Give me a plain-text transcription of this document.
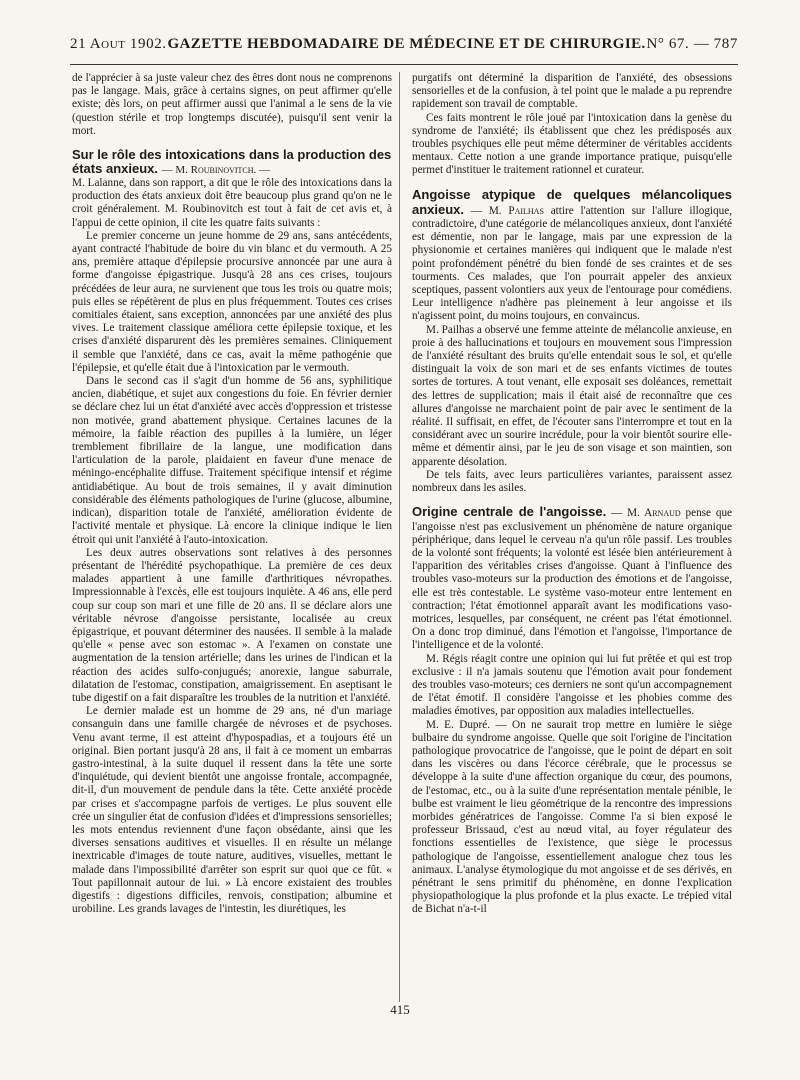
21 Aout 1902. GAZETTE HEBDOMADAIRE DE MÉDECINE ET DE CHIRURGIE. N° 67. — 787

de l'apprécier à sa juste valeur chez des êtres dont nous ne comprenons pas le langage. Mais, grâce à certains signes, on peut affirmer qu'elle existe; dès lors, on peut affirmer aussi que l'animal a le sens de la vie (question stérile et trop longtemps discutée), puisqu'il sent venir la mort.

Sur le rôle des intoxications dans la production des états anxieux. — M. Roubinovitch. —

M. Lalanne, dans son rapport, a dit que le rôle des intoxications dans la production des états anxieux doit être beaucoup plus grand qu'on ne le croit généralement. M. Roubinovitch est tout à fait de cet avis et, à l'appui de cette opinion, il cite les quatre faits suivants :

Le premier concerne un jeune homme de 29 ans, sans antécédents, ayant contracté l'habitude de boire du vin blanc et du vermouth. A 25 ans, première attaque d'épilepsie procursive annoncée par une aura à forme d'angoisse épigastrique. Jusqu'à 28 ans ces crises, toujours précédées de leur aura, ne survienent que tous les trois ou quatre mois; puis elles se répétèrent de plus en plus fréquemment. Toutes ces crises comitiales étaient, sans exception, annoncées par une anxiété des plus vives. Le traitement classique améliora cette épilepsie toxique, et les crises d'anxiété disparurent dès les premières semaines. Cliniquement il semble que l'anxiété, dans ce cas, avait la même pathogénie que l'épilepsie, et qu'elle était due à l'intoxication par le vermouth.

Dans le second cas il s'agit d'un homme de 56 ans, syphilitique ancien, diabétique, et sujet aux congestions du foie. En février dernier se déclare chez lui un état d'anxiété avec accès d'oppression et tristesse non motivée, grand abattement physique. Certaines lacunes de la mémoire, la faible réaction des pupilles à la lumière, un léger tremblement fibrillaire de la langue, une modification dans l'articulation de la parole, plaidaient en faveur d'une menace de méningo-encéphalite diffuse. Traitement spécifique intensif et régime antidiabétique. Au bout de trois semaines, il y avait diminution considérable des éléments pathologiques de l'urine (glucose, albumine, indican), disparition totale de l'anxiété, amélioration évidente de l'activité mentale et physique. Là encore la clinique indique le lien étroit qui unit l'anxiété à l'auto-intoxication.

Les deux autres observations sont relatives à des personnes présentant de l'hérédité psychopathique. La première de ces deux malades appartient à une famille d'arthritiques névropathes. Impressionnable à l'excès, elle est toujours inquiète. A 46 ans, elle perd coup sur coup son mari et une fille de 20 ans. Il se déclare alors une véritable névrose d'angoisse persistante, localisée au creux épigastrique, et pouvant déterminer des nausées. Il semble à la malade qu'elle « pense avec son estomac ». A l'examen on constate une augmentation de la tension artérielle; dans les urines de l'indican et la réaction des acides sulfo-conjugués; anorexie, langue saburrale, dilatation de l'estomac, constipation, amaigrissement. En aseptisant le tube digestif on a fait disparaître les troubles de la nutrition et l'anxiété.

Le dernier malade est un homme de 29 ans, né d'un mariage consanguin dans une famille chargée de névroses et de psychoses. Venu avant terme, il est atteint d'hypospadias, et a toujours été un original. Bien portant jusqu'à 28 ans, il fait à ce moment un embarras gastro-intestinal, à la suite duquel il ressent dans la tête une sorte d'inquiétude, qui devient bientôt une angoisse frontale, accompagnée, dit-il, d'un mouvement de pendule dans la tête. Cette anxiété procède par crises et s'accompagne parfois de vertiges. Le plus souvent elle crée un singulier état de confusion d'idées et d'impressions sensorielles; les mots entendus reviennent d'une façon obsédante, ainsi que les diverses sensations auditives et visuelles. Il en résulte un mélange inextricable d'images de toute nature, auditives, visuelles, mettant le malade dans l'impossibilité d'arrêter son esprit sur quoi que ce fût. « Tout papillonnait autour de lui. » Là encore existaient des troubles digestifs : digestions difficiles, renvois, constipation; albumine et urobiline. Les grands lavages de l'intestin, les diurétiques, les

purgatifs ont déterminé la disparition de l'anxiété, des obsessions sensorielles et de la confusion, à tel point que le malade a pu reprendre rapidement son travail de comptable.

Ces faits montrent le rôle joué par l'intoxication dans la genèse du syndrome de l'anxiété; ils établissent que chez les prédisposés aux troubles psychiques elle peut même déterminer de véritables accidents mentaux. Cette notion a une grande importance pratique, puisqu'elle permet d'instituer le traitement rationnel et curateur.

Angoisse atypique de quelques mélancoliques anxieux. — M. Pailhas attire l'attention sur l'allure illogique, contradictoire, d'une catégorie de mélancoliques anxieux, dont l'anxiété est démentie, non par le langage, mais par une expression de la physionomie et certaines manières qui indiquent que le malade n'est point profondément pénétré du bien fondé de ses craintes et de ses tourments. Ces malades, que l'on pourrait appeler des anxieux sceptiques, passent volontiers aux yeux de l'entourage pour comédiens. Leur intelligence n'adhère pas pleinement à leur angoisse et ils n'agissent point, du moins toujours, en convaincus.

M. Pailhas a observé une femme atteinte de mélancolie anxieuse, en proie à des hallucinations et toujours en mouvement sous l'impression de l'anxiété résultant des bruits qu'elle entendait sous le sol, et qu'elle distinguait la voix de son mari et de ses enfants victimes de toutes sortes de tortures. A tout venant, elle exposait ses doléances, remettait des lettres de supplication; mais il était aisé de reconnaître que ces allures d'angoisse ne marchaient point de pair avec le sentiment de la réalité. Il suffisait, en effet, de l'écouter sans l'interrompre et tout en la considérant avec un sourire incrédule, pour la voir bientôt sourire elle-même et démentir ainsi, par le jeu de son visage et son maintien, son apparente désolation.

De tels faits, avec leurs particulières variantes, paraissent assez nombreux dans les asiles.

Origine centrale de l'angoisse. — M. Arnaud pense que l'angoisse n'est pas exclusivement un phénomène de nature organique périphérique, dans lequel le cerveau n'a qu'un rôle passif. Les troubles de la volonté sont fréquents; la volonté est lésée bien antérieurement à l'apparition des véritables crises d'angoisse. Quant à l'influence des troubles vaso-moteurs sur la production des émotions et de l'angoisse, elle est très contestable. Le système vaso-moteur entre lentement en contraction; l'état émotionnel apparaît avant les modifications vaso-motrices, lesquelles, par conséquent, ne créent pas l'état émotionnel. On a donc trop diminué, dans l'émotion et l'angoisse, l'importance de l'intelligence et de la volonté.

M. Régis réagit contre une opinion qui lui fut prêtée et qui est trop exclusive : il n'a jamais soutenu que l'émotion avait pour fondement des troubles vaso-moteurs; ces derniers ne sont qu'un accompagnement de l'état émotif. Il considère l'angoisse et les phobies comme des maladies émotives, par opposition aux maladies intellectuelles.

M. E. Dupré. — On ne saurait trop mettre en lumière le siège bulbaire du syndrome angoisse. Quelle que soit l'origine de l'incitation pathologique provocatrice de l'angoisse, que le point de départ en soit dans les viscères ou dans l'écorce cérébrale, que le processus se développe à la suite d'une affection organique du cœur, des poumons, de l'estomac, etc., ou à la suite d'une représentation mentale pénible, le bulbe est vraiment le lieu géométrique de la rencontre des impressions morbides génératrices de l'angoisse. Comme l'a si bien exposé le professeur Brissaud, c'est au nœud vital, au foyer régulateur des fonctions essentielles de l'existence, que siège le processus pathologique de l'angoisse, essentiellement analogue chez tous les animaux. L'analyse étymologique du mot angoisse et de ses dérivés, en pénétrant le sens primitif du phénomène, en donne l'explication physiopathologique la plus profonde et la plus exacte. Le trépied vital de Bichat n'a-t-il

415
